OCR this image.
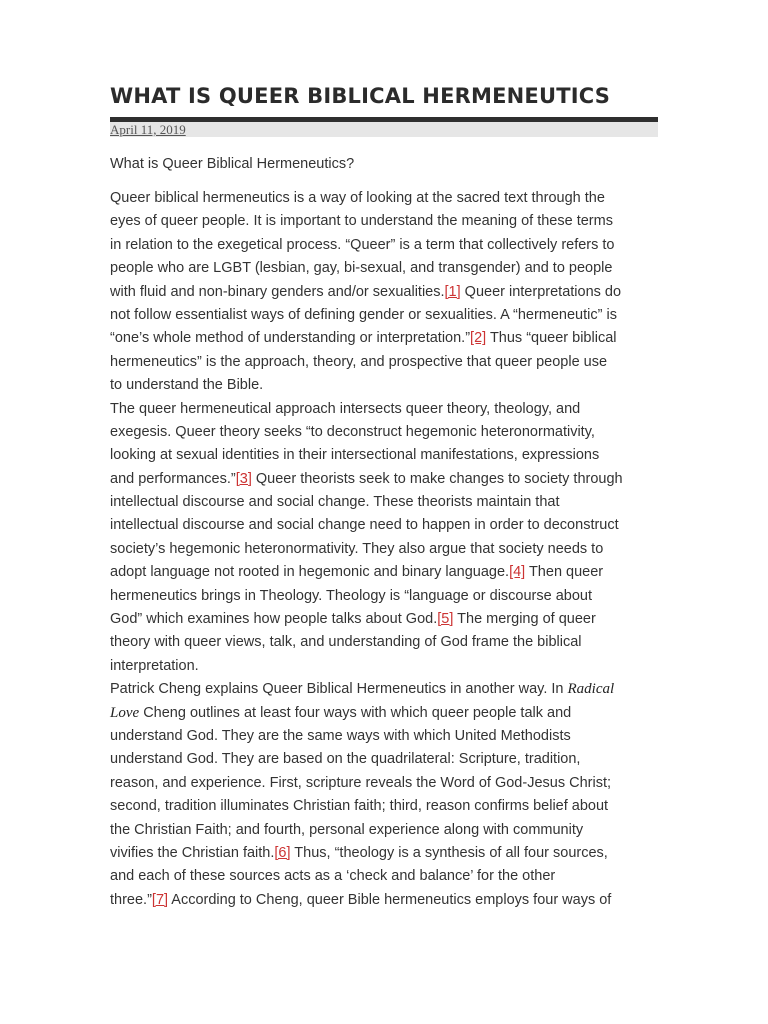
WHAT IS QUEER BIBLICAL HERMENEUTICS
April 11, 2019

What is Queer Biblical Hermeneutics?

Queer biblical hermeneutics is a way of looking at the sacred text through the
eyes of queer people. It is important to understand the meaning of these terms
in relation to the exegetical process. “Queer” is a term that collectively refers to
people who are LGBT (lesbian, gay, bi-sexual, and transgender) and to people
with fluid and non-binary genders and/or sexualities.[1] Queer interpretations do
not follow essentialist ways of defining gender or sexualities. A “hermeneutic” is
“one’s whole method of understanding or interpretation.”[2] Thus “queer biblical
hermeneutics” is the approach, theory, and prospective that queer people use
to understand the Bible.
The queer hermeneutical approach intersects queer theory, theology, and
exegesis. Queer theory seeks “to deconstruct hegemonic heteronormativity,
looking at sexual identities in their intersectional manifestations, expressions
and performances.”[3] Queer theorists seek to make changes to society through
intellectual discourse and social change. These theorists maintain that
intellectual discourse and social change need to happen in order to deconstruct
society’s hegemonic heteronormativity. They also argue that society needs to
adopt language not rooted in hegemonic and binary language.[4] Then queer
hermeneutics brings in Theology. Theology is “language or discourse about
God” which examines how people talks about God.[5] The merging of queer
theory with queer views, talk, and understanding of God frame the biblical
interpretation.
Patrick Cheng explains Queer Biblical Hermeneutics in another way. In Radical
Love Cheng outlines at least four ways with which queer people talk and
understand God. They are the same ways with which United Methodists
understand God. They are based on the quadrilateral: Scripture, tradition,
reason, and experience. First, scripture reveals the Word of God-Jesus Christ;
second, tradition illuminates Christian faith; third, reason confirms belief about
the Christian Faith; and fourth, personal experience along with community
vivifies the Christian faith.[6] Thus, “theology is a synthesis of all four sources,
and each of these sources acts as a ‘check and balance’ for the other
three.”[7] According to Cheng, queer Bible hermeneutics employs four ways of
